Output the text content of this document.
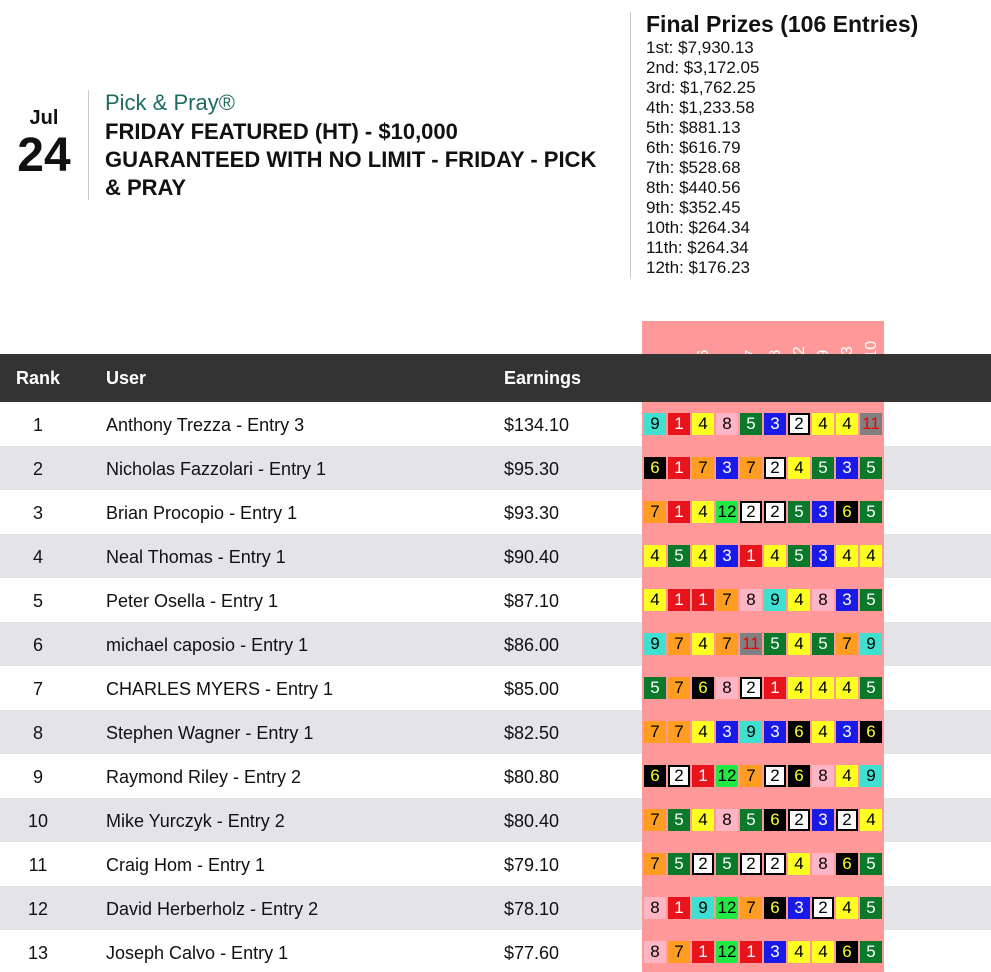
Jul
24
Pick & Pray®
FRIDAY FEATURED (HT) - $10,000 GUARANTEED WITH NO LIMIT - FRIDAY - PICK & PRAY
Final Prizes (106 Entries)
1st: $7,930.13
2nd: $3,172.05
3rd: $1,762.25
4th: $1,233.58
5th: $881.13
6th: $616.79
7th: $528.68
8th: $440.56
9th: $352.45
10th: $264.34
11th: $264.34
12th: $176.23
Rank	User	Earnings
1	Anthony Trezza - Entry 3	$134.10	9 1 4 8 5 3 2 4 4 11
2	Nicholas Fazzolari - Entry 1	$95.30	6 1 7 3 7 2 4 5 3 5
3	Brian Procopio - Entry 1	$93.30	7 1 4 12 2 2 5 3 6 5
4	Neal Thomas - Entry 1	$90.40	4 5 4 3 1 4 5 3 4 4
5	Peter Osella - Entry 1	$87.10	4 1 1 7 8 9 4 8 3 5
6	michael caposio - Entry 1	$86.00	9 7 4 7 11 5 4 5 7 9
7	CHARLES MYERS - Entry 1	$85.00	5 7 6 8 2 1 4 4 4 5
8	Stephen Wagner - Entry 1	$82.50	7 7 4 3 9 3 6 4 3 6
9	Raymond Riley - Entry 2	$80.80	6 2 1 12 7 2 6 8 4 9
10	Mike Yurczyk - Entry 2	$80.40	7 5 4 8 5 6 2 3 2 4
11	Craig Hom - Entry 1	$79.10	7 5 2 5 2 2 4 8 6 5
12	David Herberholz - Entry 2	$78.10	8 1 9 12 7 6 3 2 4 5
13	Joseph Calvo - Entry 1	$77.60	8 7 1 12 1 3 4 4 6 5
